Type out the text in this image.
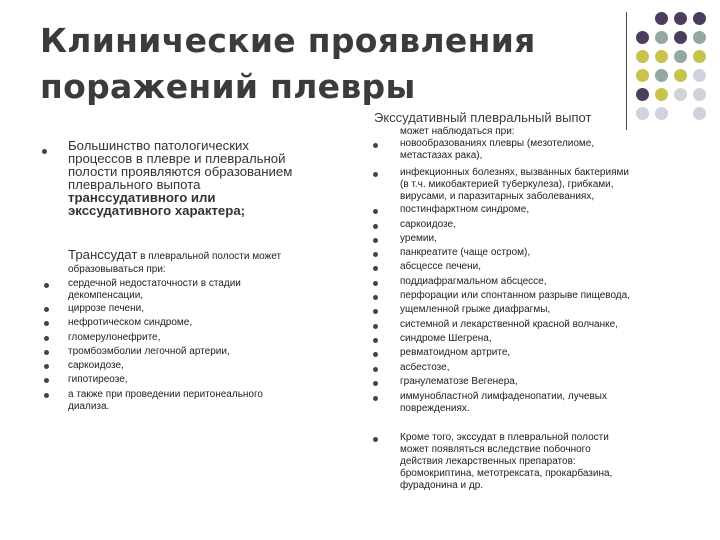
Клинические проявления
поражений плевры
Большинство патологических
процессов в плевре и плевральной
полости проявляются образованием
плеврального выпота
транссудативного или
экссудативного характера;
Транссудат в плевральной полости может
образовываться при:
сердечной недостаточности в стадии
декомпенсации,
циррозе печени,
нефротическом синдроме,
гломерулонефрите,
тромбоэмболии легочной артерии,
саркоидозе,
гипотиреозе,
а также при проведении перитонеального
диализа.
Экссудативный плевральный выпот
может наблюдаться при:
новообразованиях плевры (мезотелиоме,
метастазах рака),
инфекционных болезнях, вызванных бактериями
(в т.ч. микобактерией туберкулеза), грибками,
вирусами, и паразитарных заболеваниях,
постинфарктном синдроме,
саркоидозе,
уремии,
панкреатите (чаще остром),
абсцессе печени,
поддиафрагмальном абсцессе,
перфорации или спонтанном разрыве пищевода,
ущемленной грыже диафрагмы,
системной и лекарственной красной волчанке,
синдроме Шегрена,
ревматоидном артрите,
асбестозе,
гранулематозе Вегенера,
иммунобластной лимфаденопатии, лучевых
повреждениях.
Кроме того, экссудат в плевральной полости
может появляться вследствие побочного
действия лекарственных препаратов:
бромокриптина, метотрексата, прокарбазина,
фурадонина и др.
